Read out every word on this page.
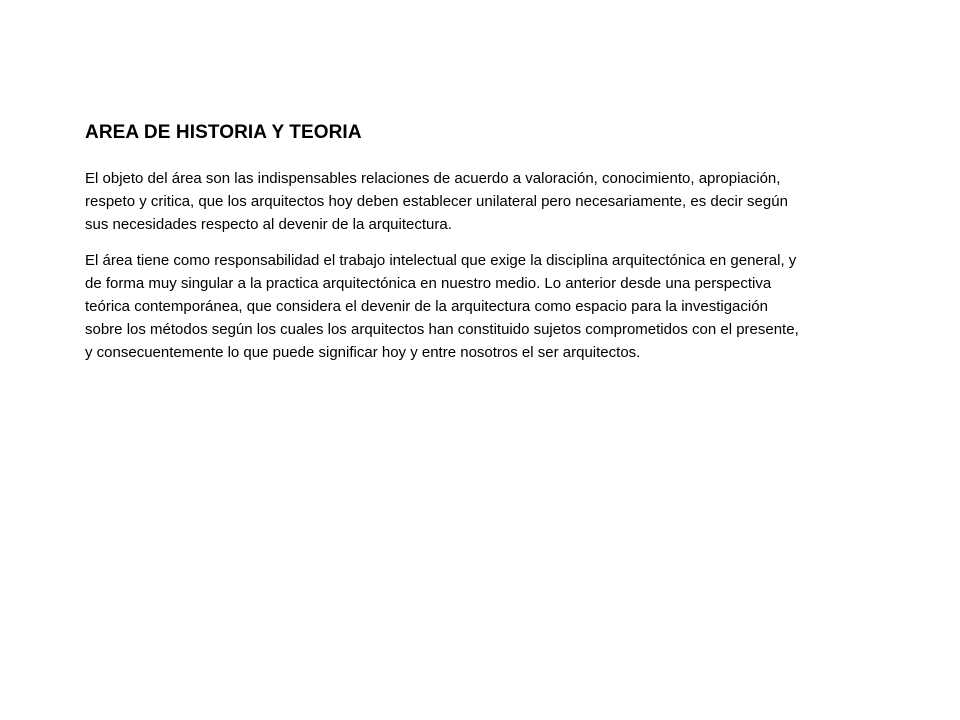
AREA DE HISTORIA Y TEORIA

El objeto del área son las indispensables relaciones de acuerdo a valoración, conocimiento, apropiación,
respeto y critica, que los arquitectos hoy deben establecer unilateral pero necesariamente, es decir según
sus necesidades respecto al devenir de la arquitectura.

El área tiene como responsabilidad el trabajo intelectual que exige la disciplina arquitectónica en general, y
de forma muy singular a la practica arquitectónica en nuestro medio. Lo anterior desde una perspectiva
teórica contemporánea, que considera el devenir de la arquitectura como espacio para la investigación
sobre los métodos según los cuales los arquitectos han constituido sujetos comprometidos con el presente,
y consecuentemente lo que puede significar hoy y entre nosotros el ser arquitectos.
